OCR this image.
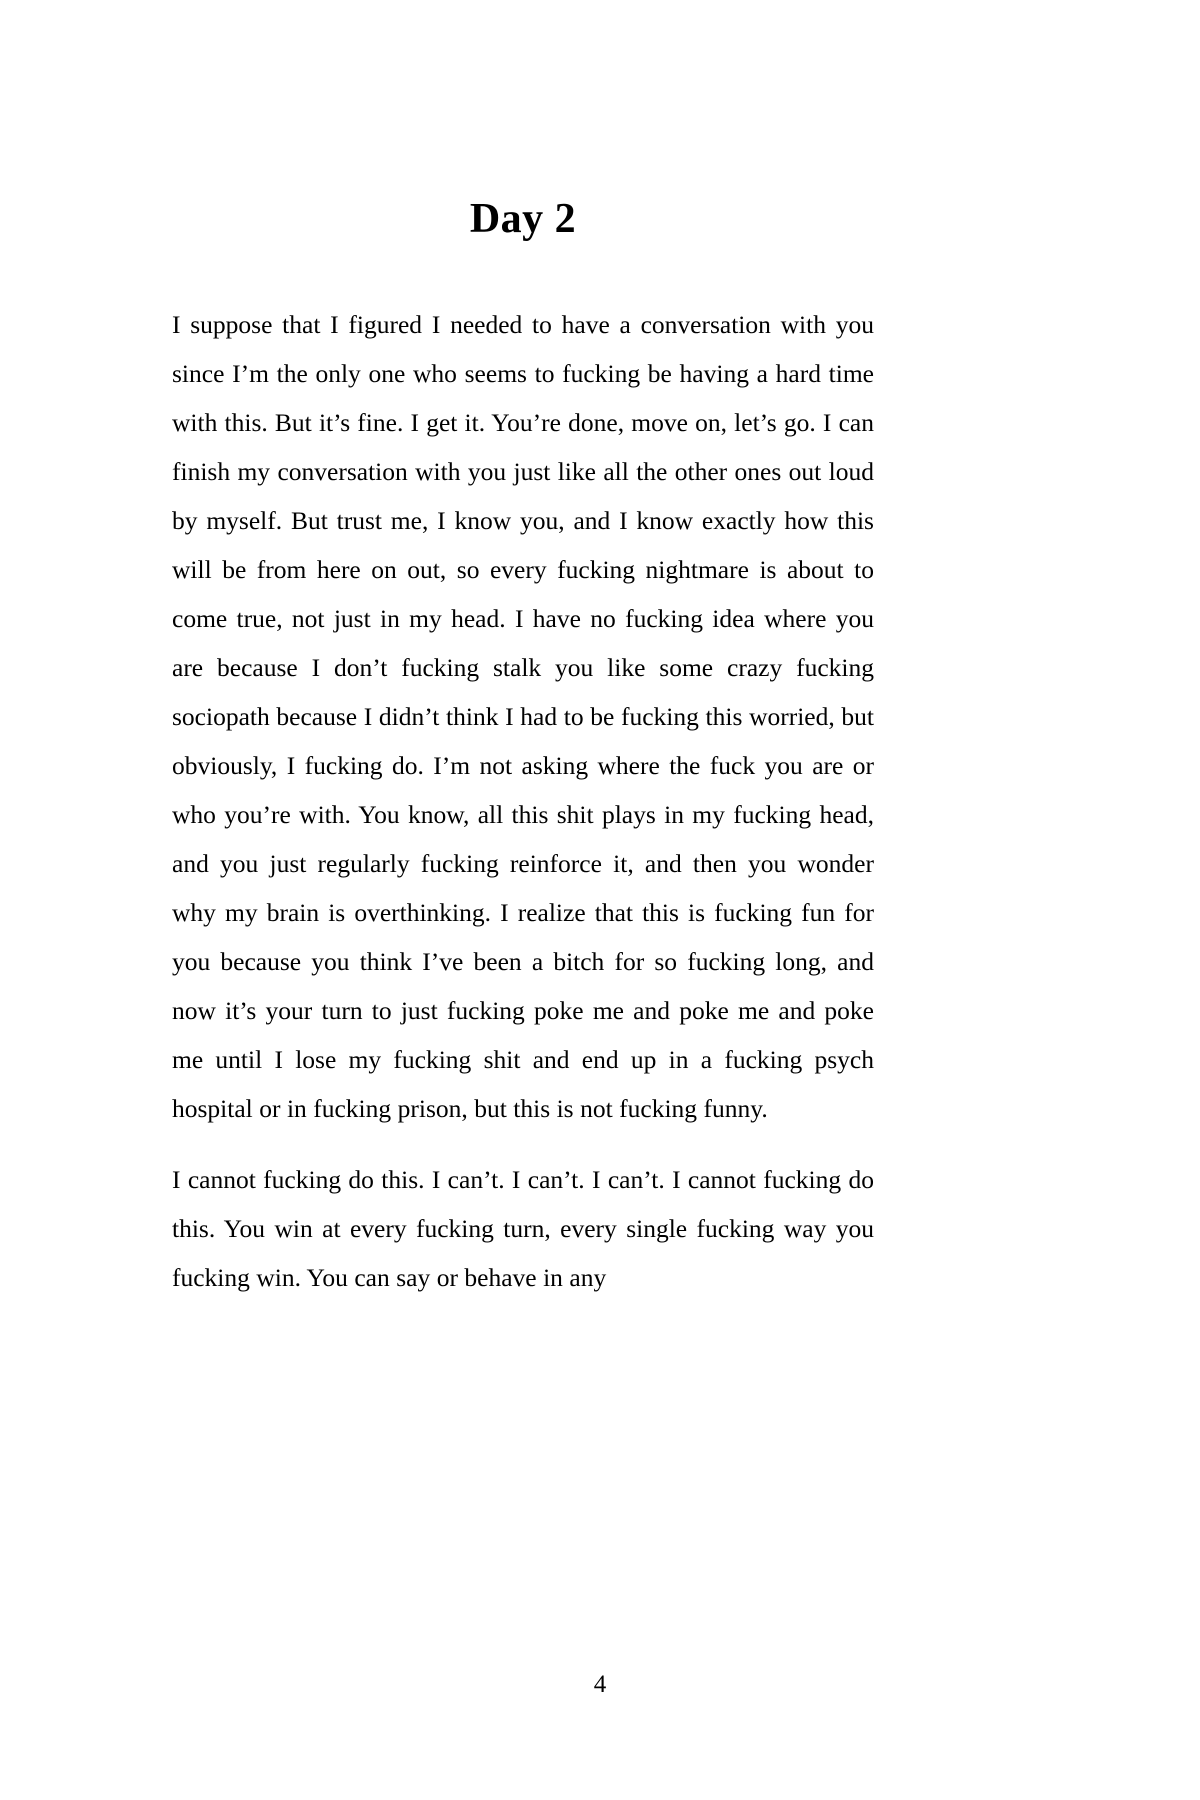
Day 2

I suppose that I figured I needed to have a conversation with you since I’m the only one who seems to fucking be having a hard time with this. But it’s fine. I get it. You’re done, move on, let’s go. I can finish my conversation with you just like all the other ones out loud by myself. But trust me, I know you, and I know exactly how this will be from here on out, so every fucking nightmare is about to come true, not just in my head. I have no fucking idea where you are because I don’t fucking stalk you like some crazy fucking sociopath because I didn’t think I had to be fucking this worried, but obviously, I fucking do. I’m not asking where the fuck you are or who you’re with. You know, all this shit plays in my fucking head, and you just regularly fucking reinforce it, and then you wonder why my brain is overthinking. I realize that this is fucking fun for you because you think I’ve been a bitch for so fucking long, and now it’s your turn to just fucking poke me and poke me and poke me until I lose my fucking shit and end up in a fucking psych hospital or in fucking prison, but this is not fucking funny.

I cannot fucking do this. I can’t. I can’t. I can’t. I cannot fucking do this. You win at every fucking turn, every single fucking way you fucking win. You can say or behave in any

4
